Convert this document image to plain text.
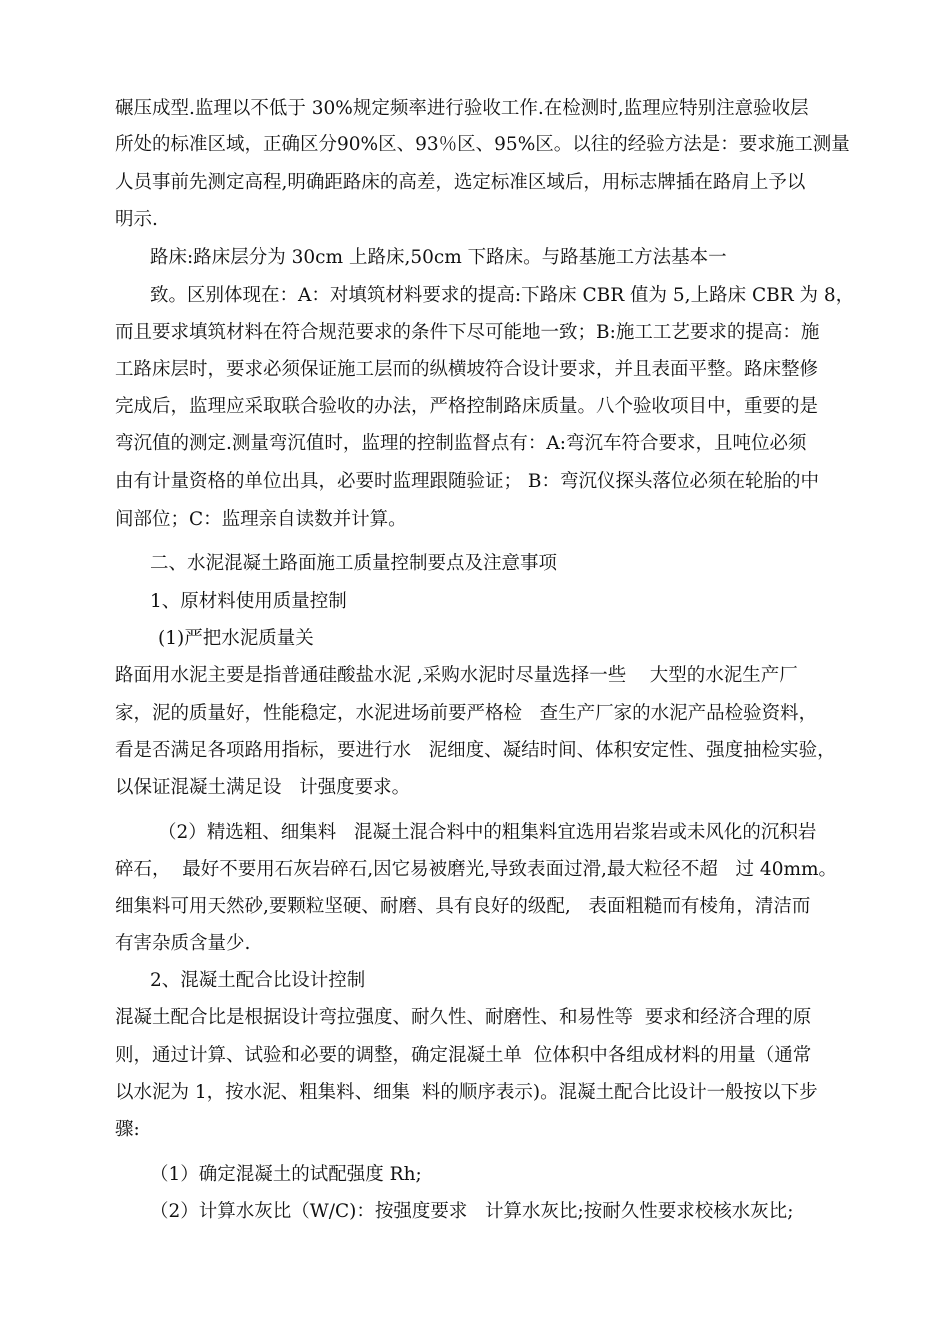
碾压成型.监理以不低于 30%规定频率进行验收工作.在检测时,监理应特别注意验收层
所处的标准区域，正确区分90%区、93％区、95%区。以往的经验方法是：要求施工测量
人员事前先测定高程,明确距路床的高差，选定标准区域后，用标志牌插在路肩上予以
明示.
路床:路床层分为 30cm 上路床,50cm 下路床。与路基施工方法基本一
致。区别体现在：A：对填筑材料要求的提高:下路床 CBR 值为 5,上路床 CBR 为 8，
而且要求填筑材料在符合规范要求的条件下尽可能地一致；B:施工工艺要求的提高：施
工路床层时，要求必须保证施工层而的纵横坡符合设计要求，并且表面平整。路床整修
完成后，监理应采取联合验收的办法，严格控制路床质量。八个验收项目中，重要的是
弯沉值的测定.测量弯沉值时，监理的控制监督点有：A:弯沉车符合要求，且吨位必须
由有计量资格的单位出具，必要时监理跟随验证； B：弯沉仪探头落位必须在轮胎的中
间部位；C：监理亲自读数并计算。
二、水泥混凝土路面施工质量控制要点及注意事项
1、原材料使用质量控制
(1)严把水泥质量关
路面用水泥主要是指普通硅酸盐水泥 ,采购水泥时尽量选择一些    大型的水泥生产厂
家，泥的质量好，性能稳定，水泥进场前要严格检   查生产厂家的水泥产品检验资料，
看是否满足各项路用指标，要进行水   泥细度、凝结时间、体积安定性、强度抽检实验，
以保证混凝土满足设   计强度要求。
（2）精选粗、细集料   混凝土混合料中的粗集料宜选用岩浆岩或未风化的沉积岩
碎石，  最好不要用石灰岩碎石,因它易被磨光,导致表面过滑,最大粒径不超   过 40mm。
细集料可用天然砂,要颗粒坚硬、耐磨、具有良好的级配,   表面粗糙而有棱角，清洁而
有害杂质含量少.
2、混凝土配合比设计控制
混凝土配合比是根据设计弯拉强度、耐久性、耐磨性、和易性等  要求和经济合理的原
则，通过计算、试验和必要的调整，确定混凝土单  位体积中各组成材料的用量（通常
以水泥为 1，按水泥、粗集料、细集  料的顺序表示)。混凝土配合比设计一般按以下步
骤:
（1）确定混凝土的试配强度 Rh;
（2）计算水灰比（W/C)：按强度要求   计算水灰比;按耐久性要求校核水灰比;
